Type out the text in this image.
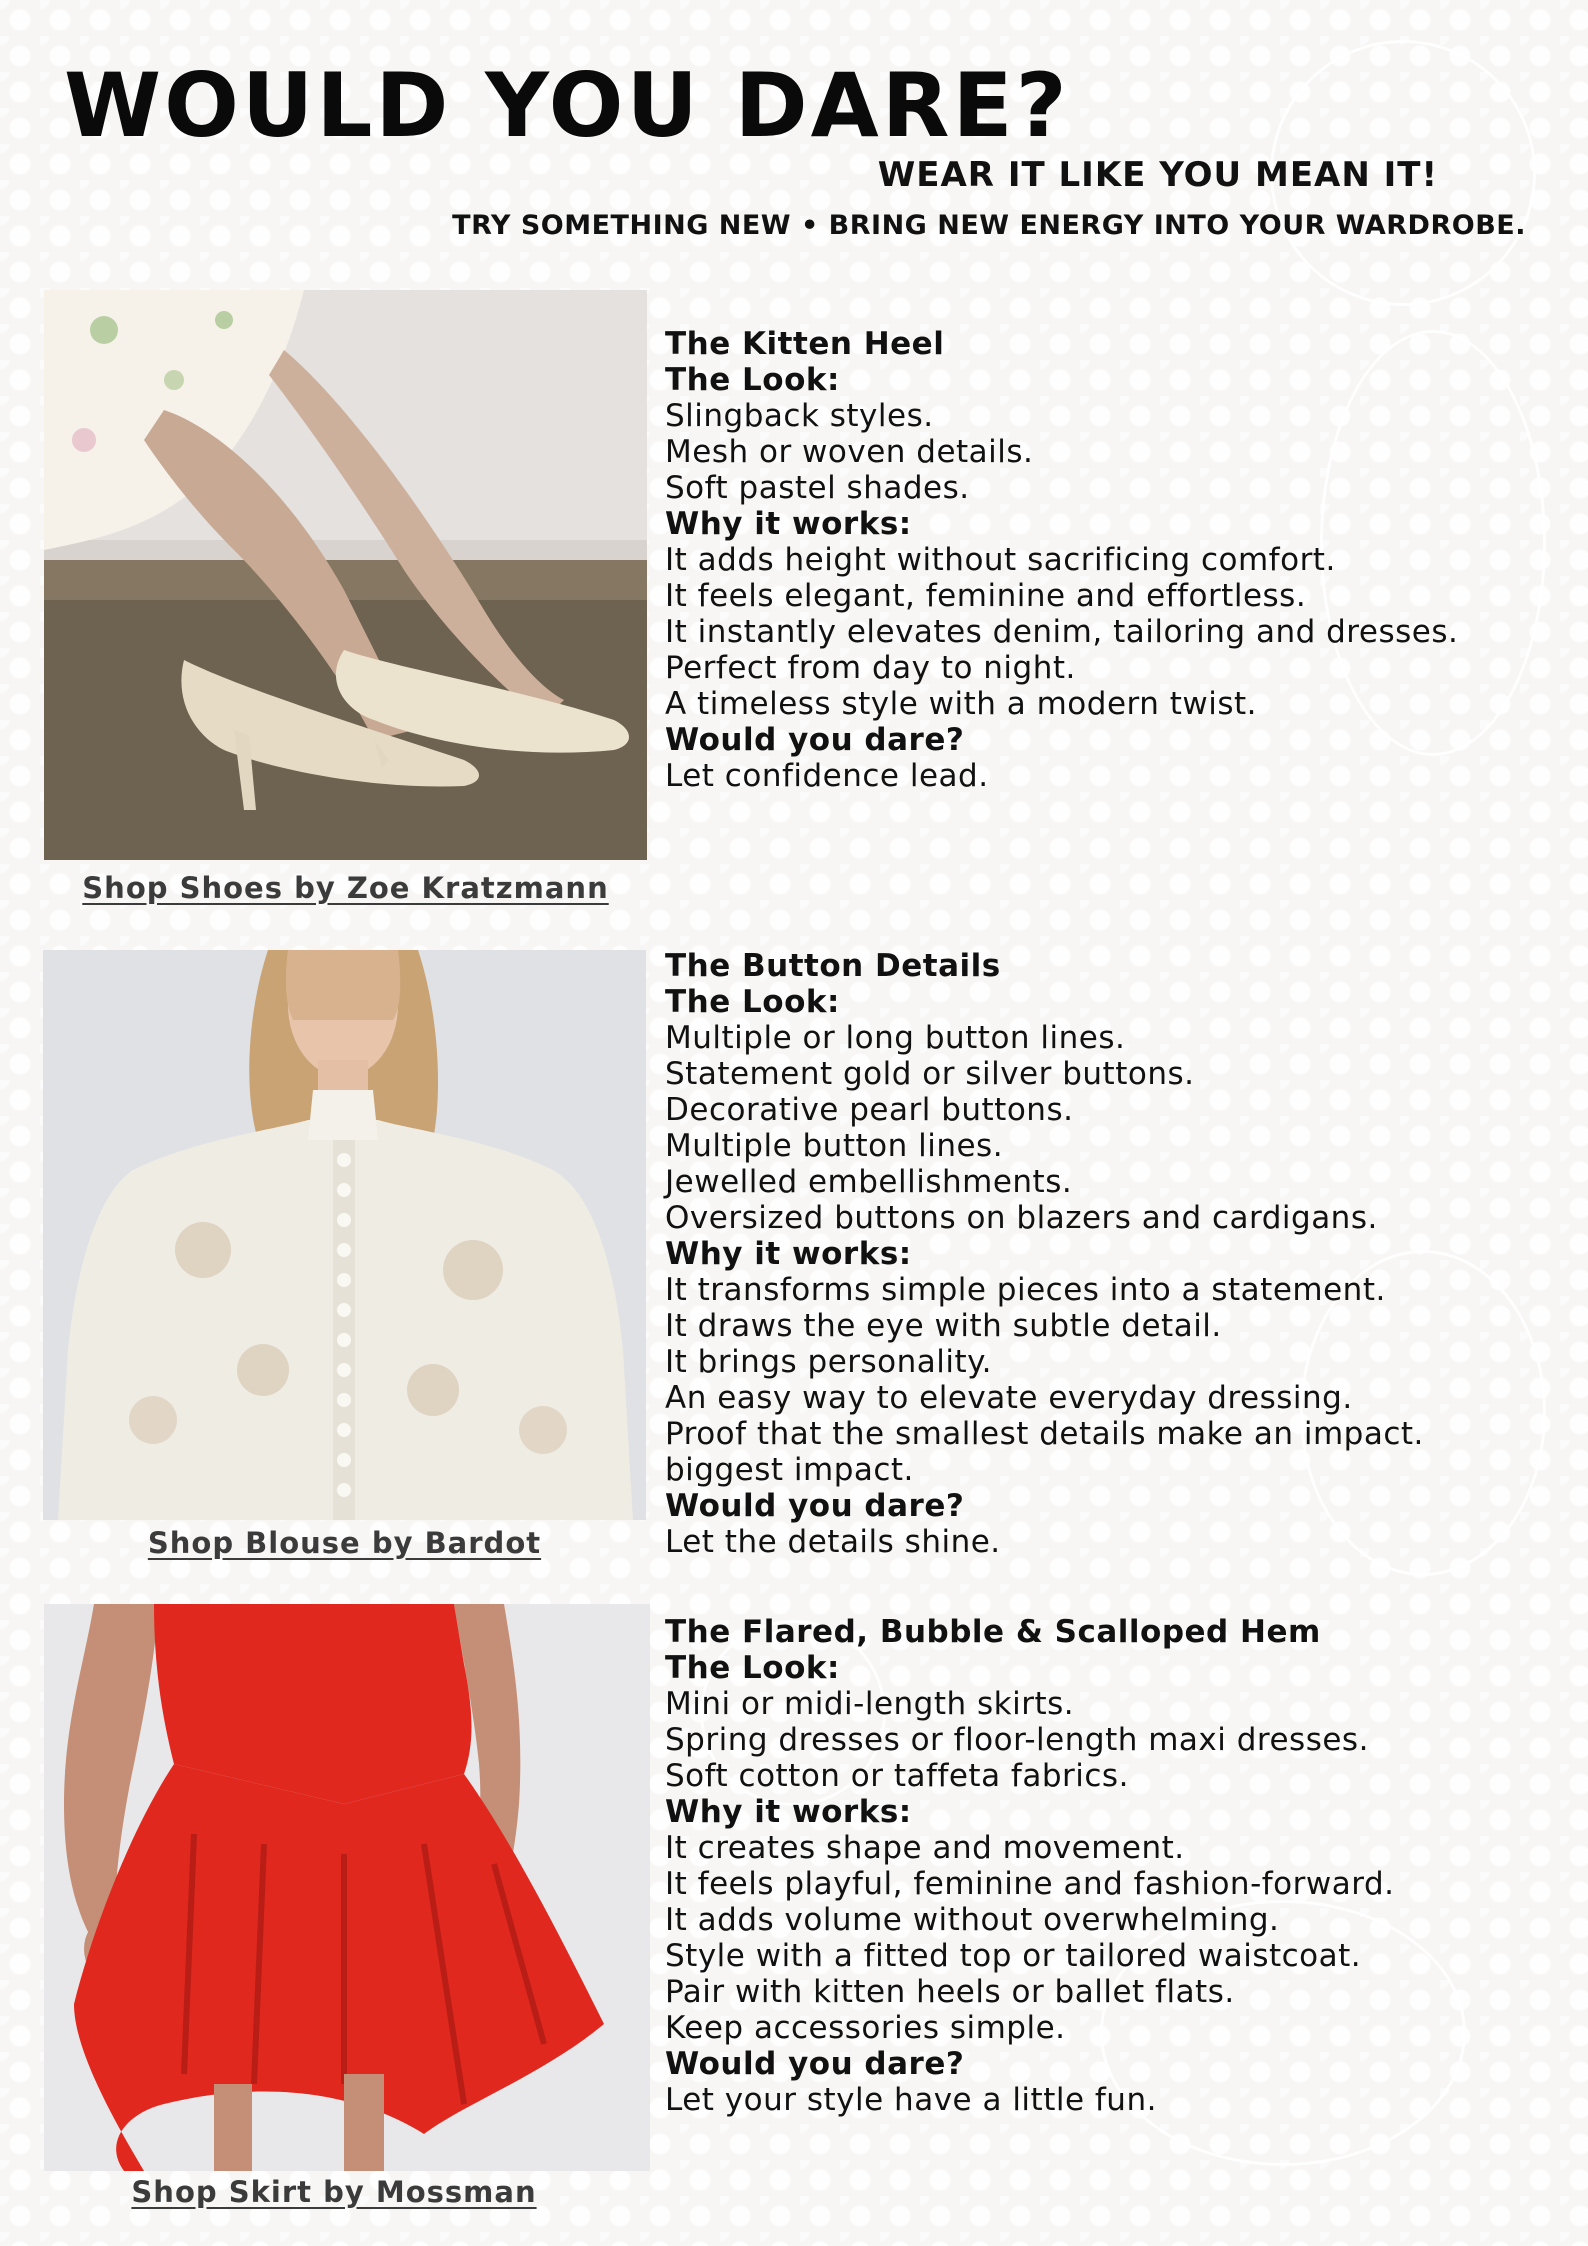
WOULD YOU DARE?
WEAR IT LIKE YOU MEAN IT!
TRY SOMETHING NEW • BRING NEW ENERGY INTO YOUR WARDROBE.
Shop Shoes by Zoe Kratzmann
The Kitten Heel
The Look:
Slingback styles.
Mesh or woven details.
Soft pastel shades.
Why it works:
It adds height without sacrificing comfort.
It feels elegant, feminine and effortless.
It instantly elevates denim, tailoring and dresses.
Perfect from day to night.
A timeless style with a modern twist.
Would you dare?
Let confidence lead.
Shop Blouse by Bardot
The Button Details
The Look:
Multiple or long button lines.
Statement gold or silver buttons.
Decorative pearl buttons.
Multiple button lines.
Jewelled embellishments.
Oversized buttons on blazers and cardigans.
Why it works:
It transforms simple pieces into a statement.
It draws the eye with subtle detail.
It brings personality.
An easy way to elevate everyday dressing.
Proof that the smallest details make an impact.
biggest impact.
Would you dare?
Let the details shine.
Shop Skirt by Mossman
The Flared, Bubble & Scalloped Hem
The Look:
Mini or midi-length skirts.
Spring dresses or floor-length maxi dresses.
Soft cotton or taffeta fabrics.
Why it works:
It creates shape and movement.
It feels playful, feminine and fashion-forward.
It adds volume without overwhelming.
Style with a fitted top or tailored waistcoat.
Pair with kitten heels or ballet flats.
Keep accessories simple.
Would you dare?
Let your style have a little fun.
